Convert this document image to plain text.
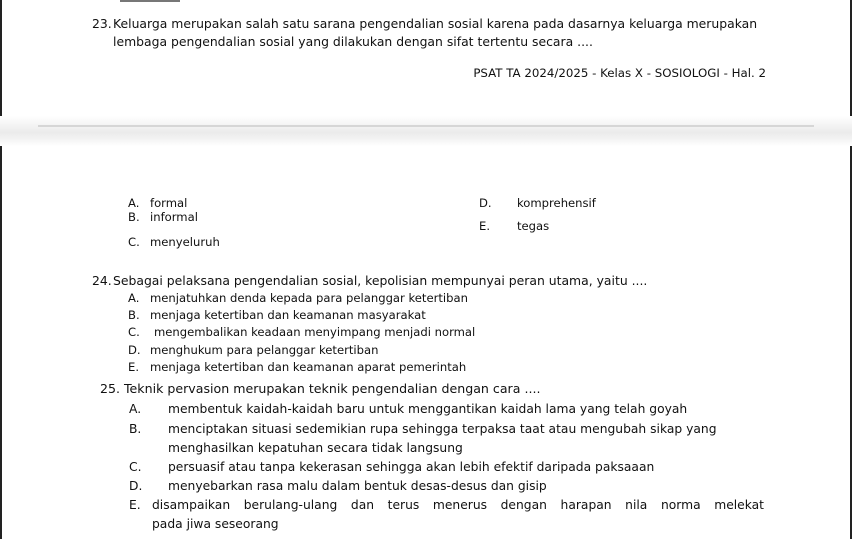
23. Keluarga merupakan salah satu sarana pengendalian sosial karena pada dasarnya keluarga merupakan
lembaga pengendalian sosial yang dilakukan dengan sifat tertentu secara ....
PSAT TA 2024/2025 - Kelas X - SOSIOLOGI - Hal. 2
A. formal
B. informal
C. menyeluruh
D. komprehensif
E. tegas
24. Sebagai pelaksana pengendalian sosial, kepolisian mempunyai peran utama, yaitu ....
A. menjatuhkan denda kepada para pelanggar ketertiban
B. menjaga ketertiban dan keamanan masyarakat
C. mengembalikan keadaan menyimpang menjadi normal
D. menghukum para pelanggar ketertiban
E. menjaga ketertiban dan keamanan aparat pemerintah
25. Teknik pervasion merupakan teknik pengendalian dengan cara ....
A. membentuk kaidah-kaidah baru untuk menggantikan kaidah lama yang telah goyah
B. menciptakan situasi sedemikian rupa sehingga terpaksa taat atau mengubah sikap yang
menghasilkan kepatuhan secara tidak langsung
C. persuasif atau tanpa kekerasan sehingga akan lebih efektif daripada paksaaan
D. menyebarkan rasa malu dalam bentuk desas-desus dan gisip
E. disampaikan berulang-ulang dan terus menerus dengan harapan nila norma melekat
pada jiwa seseorang
